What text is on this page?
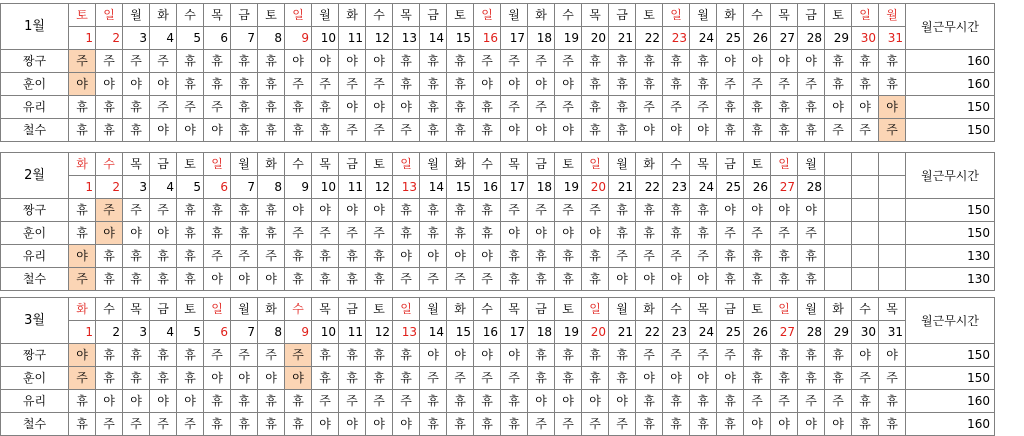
1월	토	일	월	화	수	목	금	토	일	월	화	수	목	금	토	일	월	화	수	목	금	토	일	월	화	수	목	금	토	일	월	월근무시간
	1	2	3	4	5	6	7	8	9	10	11	12	13	14	15	16	17	18	19	20	21	22	23	24	25	26	27	28	29	30	31	
짱구	주	주	주	주	휴	휴	휴	휴	야	야	야	야	휴	휴	휴	주	주	주	주	휴	휴	휴	휴	휴	야	야	야	야	휴	휴	휴	160
훈이	야	야	야	야	휴	휴	휴	휴	주	주	주	주	휴	휴	휴	야	야	야	야	휴	휴	휴	휴	휴	주	주	주	주	휴	휴	휴	160
유리	휴	휴	휴	주	주	주	휴	휴	휴	휴	야	야	야	휴	휴	휴	주	주	주	휴	휴	주	주	주	휴	휴	휴	휴	야	야	야	150
철수	휴	휴	휴	야	야	야	휴	휴	휴	휴	주	주	주	휴	휴	휴	야	야	야	휴	휴	야	야	야	휴	휴	휴	휴	주	주	주	150
2월	화	수	목	금	토	일	월	화	수	목	금	토	일	월	화	수	목	금	토	일	월	화	수	목	금	토	일	월				월근무시간
	1	2	3	4	5	6	7	8	9	10	11	12	13	14	15	16	17	18	19	20	21	22	23	24	25	26	27	28				
짱구	휴	주	주	주	휴	휴	휴	휴	야	야	야	야	휴	휴	휴	휴	주	주	주	주	휴	휴	휴	휴	야	야	야	야				150
훈이	휴	야	야	야	휴	휴	휴	휴	주	주	주	주	휴	휴	휴	휴	야	야	야	야	휴	휴	휴	휴	주	주	주	주				150
유리	야	휴	휴	휴	휴	주	주	주	휴	휴	휴	휴	야	야	야	야	휴	휴	휴	휴	주	주	주	주	휴	휴	휴	휴				130
철수	주	휴	휴	휴	휴	야	야	야	휴	휴	휴	휴	주	주	주	주	휴	휴	휴	휴	야	야	야	야	휴	휴	휴	휴				130
3월	화	수	목	금	토	일	월	화	수	목	금	토	일	월	화	수	목	금	토	일	월	화	수	목	금	토	일	월	화	수	목	월근무시간
	1	2	3	4	5	6	7	8	9	10	11	12	13	14	15	16	17	18	19	20	21	22	23	24	25	26	27	28	29	30	31	
짱구	야	휴	휴	휴	휴	주	주	주	주	휴	휴	휴	휴	야	야	야	야	휴	휴	휴	휴	주	주	주	주	휴	휴	휴	휴	야	야	150
훈이	주	휴	휴	휴	휴	야	야	야	야	휴	휴	휴	휴	주	주	주	주	휴	휴	휴	휴	야	야	야	야	휴	휴	휴	휴	주	주	150
유리	휴	야	야	야	야	휴	휴	휴	휴	주	주	주	주	휴	휴	휴	휴	야	야	야	야	휴	휴	휴	휴	주	주	주	주	휴	휴	160
철수	휴	주	주	주	주	휴	휴	휴	휴	야	야	야	야	휴	휴	휴	휴	주	주	주	주	휴	휴	휴	휴	야	야	야	야	휴	휴	160
